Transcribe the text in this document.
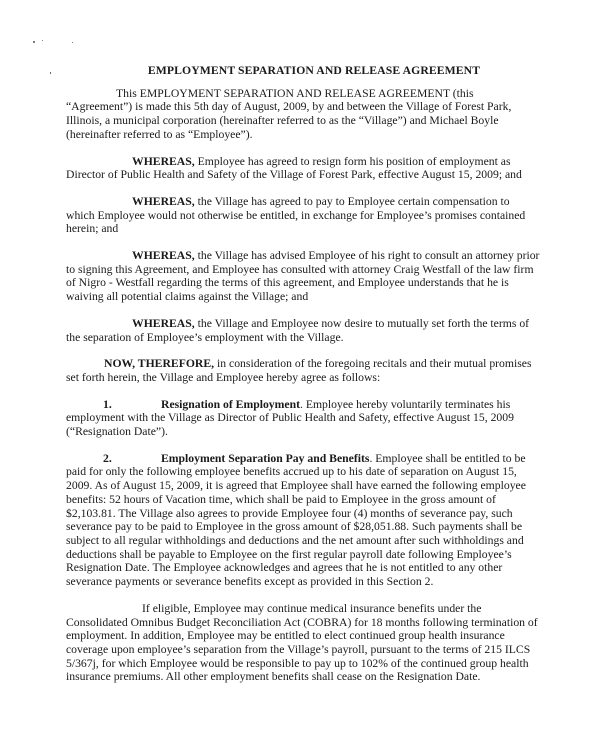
EMPLOYMENT SEPARATION AND RELEASE AGREEMENT

This EMPLOYMENT SEPARATION AND RELEASE AGREEMENT (this “Agreement”) is made this 5th day of August, 2009, by and between the Village of Forest Park, Illinois, a municipal corporation (hereinafter referred to as the “Village”) and Michael Boyle (hereinafter referred to as “Employee”).

WHEREAS, Employee has agreed to resign form his position of employment as Director of Public Health and Safety of the Village of Forest Park, effective August 15, 2009; and

WHEREAS, the Village has agreed to pay to Employee certain compensation to which Employee would not otherwise be entitled, in exchange for Employee’s promises contained herein; and

WHEREAS, the Village has advised Employee of his right to consult an attorney prior to signing this Agreement, and Employee has consulted with attorney Craig Westfall of the law firm of Nigro - Westfall regarding the terms of this agreement, and Employee understands that he is waiving all potential claims against the Village; and

WHEREAS, the Village and Employee now desire to mutually set forth the terms of the separation of Employee’s employment with the Village.

NOW, THEREFORE, in consideration of the foregoing recitals and their mutual promises set forth herein, the Village and Employee hereby agree as follows:

1.	Resignation of Employment. Employee hereby voluntarily terminates his employment with the Village as Director of Public Health and Safety, effective August 15, 2009 (“Resignation Date”).

2.	Employment Separation Pay and Benefits. Employee shall be entitled to be paid for only the following employee benefits accrued up to his date of separation on August 15, 2009. As of August 15, 2009, it is agreed that Employee shall have earned the following employee benefits: 52 hours of Vacation time, which shall be paid to Employee in the gross amount of $2,103.81. The Village also agrees to provide Employee four (4) months of severance pay, such severance pay to be paid to Employee in the gross amount of $28,051.88. Such payments shall be subject to all regular withholdings and deductions and the net amount after such withholdings and deductions shall be payable to Employee on the first regular payroll date following Employee’s Resignation Date. The Employee acknowledges and agrees that he is not entitled to any other severance payments or severance benefits except as provided in this Section 2.

If eligible, Employee may continue medical insurance benefits under the Consolidated Omnibus Budget Reconciliation Act (COBRA) for 18 months following termination of employment. In addition, Employee may be entitled to elect continued group health insurance coverage upon employee’s separation from the Village’s payroll, pursuant to the terms of 215 ILCS 5/367j, for which Employee would be responsible to pay up to 102% of the continued group health insurance premiums. All other employment benefits shall cease on the Resignation Date.
